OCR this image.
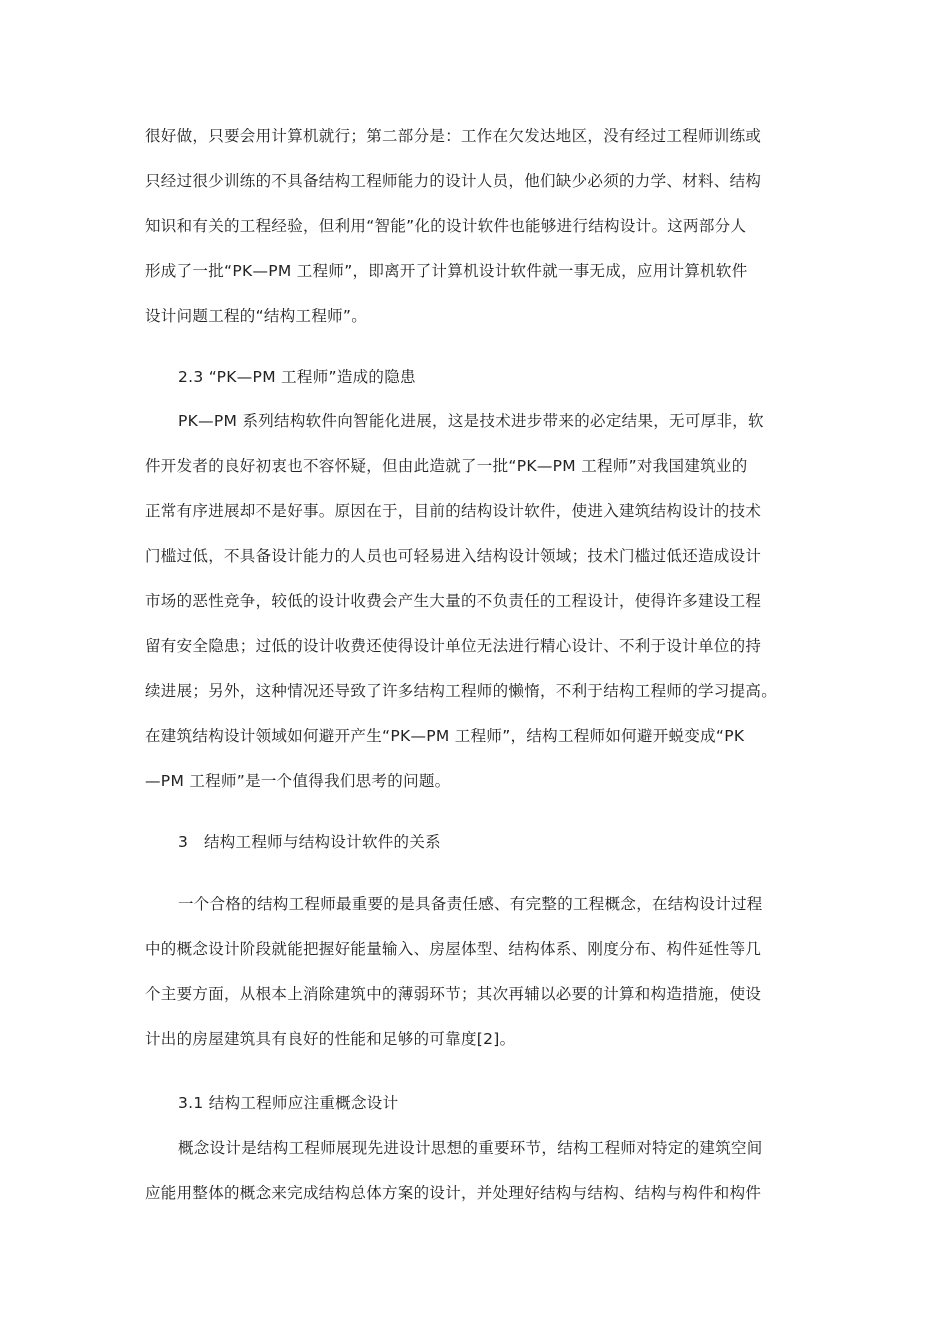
很好做，只要会用计算机就行；第二部分是：工作在欠发达地区，没有经过工程师训练或
只经过很少训练的不具备结构工程师能力的设计人员，他们缺少必须的力学、材料、结构
知识和有关的工程经验，但利用“智能”化的设计软件也能够进行结构设计。这两部分人
形成了一批“PK—PM 工程师”，即离开了计算机设计软件就一事无成，应用计算机软件
设计问题工程的“结构工程师”。
2.3 “PK—PM 工程师”造成的隐患
PK—PM 系列结构软件向智能化进展，这是技术进步带来的必定结果，无可厚非，软
件开发者的良好初衷也不容怀疑，但由此造就了一批“PK—PM 工程师”对我国建筑业的
正常有序进展却不是好事。原因在于，目前的结构设计软件，使进入建筑结构设计的技术
门槛过低，不具备设计能力的人员也可轻易进入结构设计领域；技术门槛过低还造成设计
市场的恶性竞争，较低的设计收费会产生大量的不负责任的工程设计，使得许多建设工程
留有安全隐患；过低的设计收费还使得设计单位无法进行精心设计、不利于设计单位的持
续进展；另外，这种情况还导致了许多结构工程师的懒惰，不利于结构工程师的学习提高。
在建筑结构设计领域如何避开产生“PK—PM 工程师”，结构工程师如何避开蜕变成“PK
—PM 工程师”是一个值得我们思考的问题。
3　结构工程师与结构设计软件的关系
一个合格的结构工程师最重要的是具备责任感、有完整的工程概念，在结构设计过程
中的概念设计阶段就能把握好能量输入、房屋体型、结构体系、刚度分布、构件延性等几
个主要方面，从根本上消除建筑中的薄弱环节；其次再辅以必要的计算和构造措施，使设
计出的房屋建筑具有良好的性能和足够的可靠度[2]。
3.1 结构工程师应注重概念设计
概念设计是结构工程师展现先进设计思想的重要环节，结构工程师对特定的建筑空间
应能用整体的概念来完成结构总体方案的设计，并处理好结构与结构、结构与构件和构件
